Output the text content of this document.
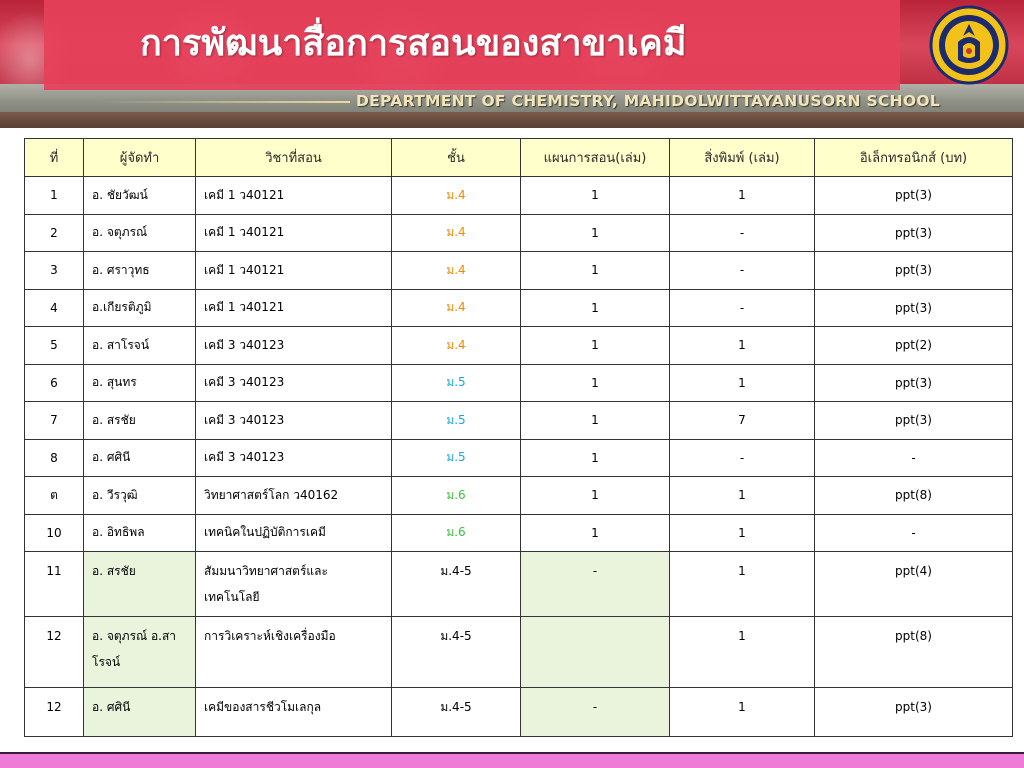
การพัฒนาสื่อการสอนของสาขาเคมี
DEPARTMENT OF CHEMISTRY, MAHIDOLWITTAYANUSORN SCHOOL
ที่	ผู้จัดทำ	วิชาที่สอน	ชั้น	แผนการสอน(เล่ม)	สิ่งพิมพ์ (เล่ม)	อิเล็กทรอนิกส์ (บท)
1	อ. ชัยวัฒน์	เคมี 1 ว40121	ม.4	1	1	ppt(3)
2	อ. จตุภรณ์	เคมี 1 ว40121	ม.4	1	-	ppt(3)
3	อ. ศราวุทธ	เคมี 1 ว40121	ม.4	1	-	ppt(3)
4	อ.เกียรติภูมิ	เคมี 1 ว40121	ม.4	1	-	ppt(3)
5	อ. สาโรจน์	เคมี 3 ว40123	ม.4	1	1	ppt(2)
6	อ. สุนทร	เคมี 3 ว40123	ม.5	1	1	ppt(3)
7	อ. สรชัย	เคมี 3 ว40123	ม.5	1	7	ppt(3)
8	อ. ศศินี	เคมี 3 ว40123	ม.5	1	-	-
ต	อ. วีรวุฒิ	วิทยาศาสตร์โลก ว40162	ม.6	1	1	ppt(8)
10	อ. อิทธิพล	เทคนิคในปฏิบัติการเคมี	ม.6	1	1	-
11	อ. สรชัย	สัมมนาวิทยาศาสตร์และเทคโนโลยี	ม.4-5	-	1	ppt(4)
12	อ. จตุภรณ์ อ.สาโรจน์	การวิเคราะห์เชิงเครื่องมือ	ม.4-5		1	ppt(8)
12	อ. ศศินี	เคมีของสารชีวโมเลกุล	ม.4-5	-	1	ppt(3)
